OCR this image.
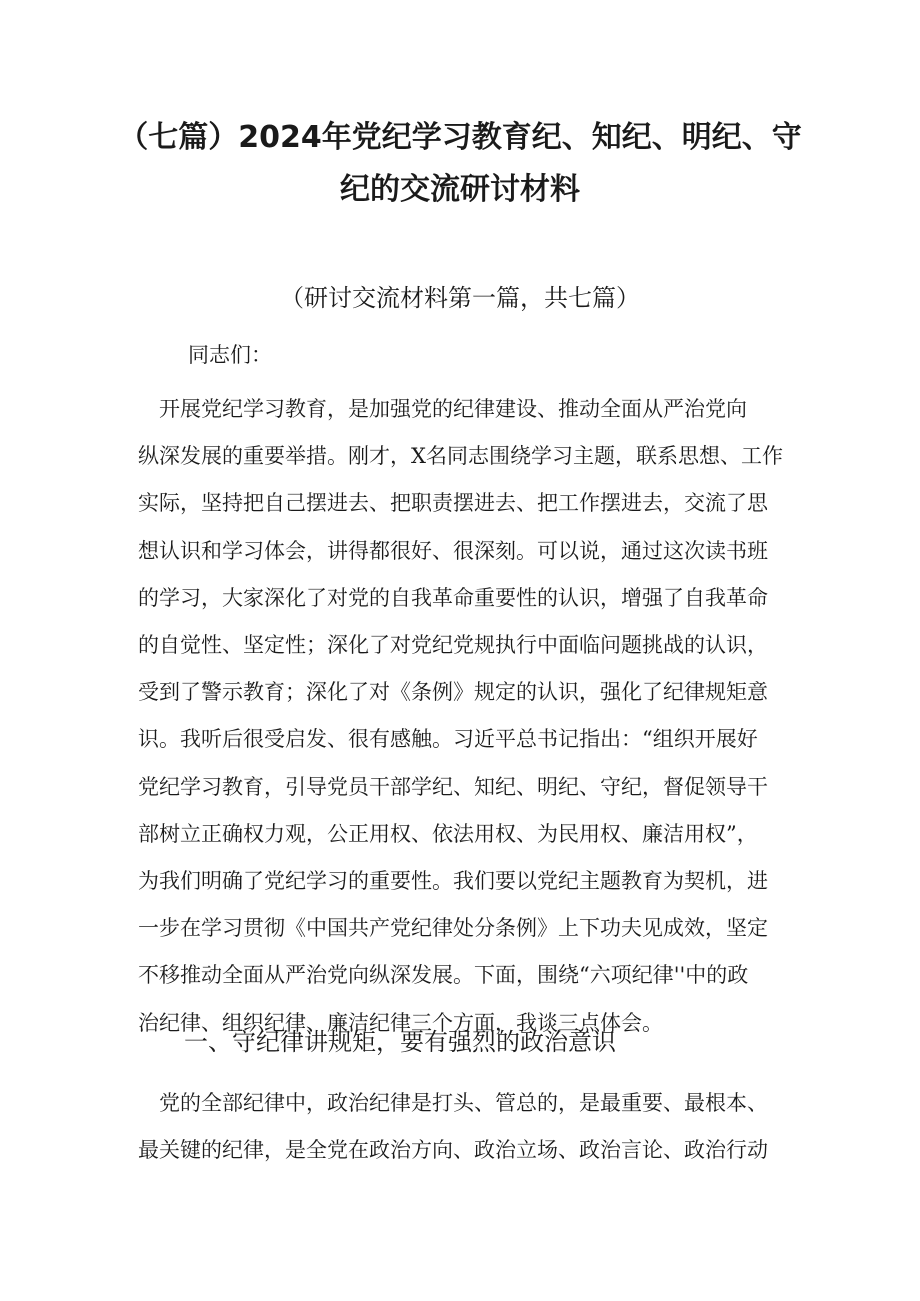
（七篇）2024年党纪学习教育纪、知纪、明纪、守
纪的交流研讨材料
（研讨交流材料第一篇，共七篇）
同志们：
　开展党纪学习教育，是加强党的纪律建设、推动全面从严治党向
纵深发展的重要举措。刚才，X名同志围绕学习主题，联系思想、工作
实际，坚持把自己摆进去、把职责摆进去、把工作摆进去，交流了思
想认识和学习体会，讲得都很好、很深刻。可以说，通过这次读书班
的学习，大家深化了对党的自我革命重要性的认识，增强了自我革命
的自觉性、坚定性；深化了对党纪党规执行中面临问题挑战的认识，
受到了警示教育；深化了对《条例》规定的认识，强化了纪律规矩意
识。我听后很受启发、很有感触。习近平总书记指出：“组织开展好
党纪学习教育，引导党员干部学纪、知纪、明纪、守纪，督促领导干
部树立正确权力观，公正用权、依法用权、为民用权、廉洁用权”，
为我们明确了党纪学习的重要性。我们要以党纪主题教育为契机，进
一步在学习贯彻《中国共产党纪律处分条例》上下功夫见成效，坚定
不移推动全面从严治党向纵深发展。下面，围绕“六项纪律''中的政
治纪律、组织纪律、廉洁纪律三个方面，我谈三点体会。
一、守纪律讲规矩，要有强烈的政治意识
　党的全部纪律中，政治纪律是打头、管总的，是最重要、最根本、
最关键的纪律，是全党在政治方向、政治立场、政治言论、政治行动
